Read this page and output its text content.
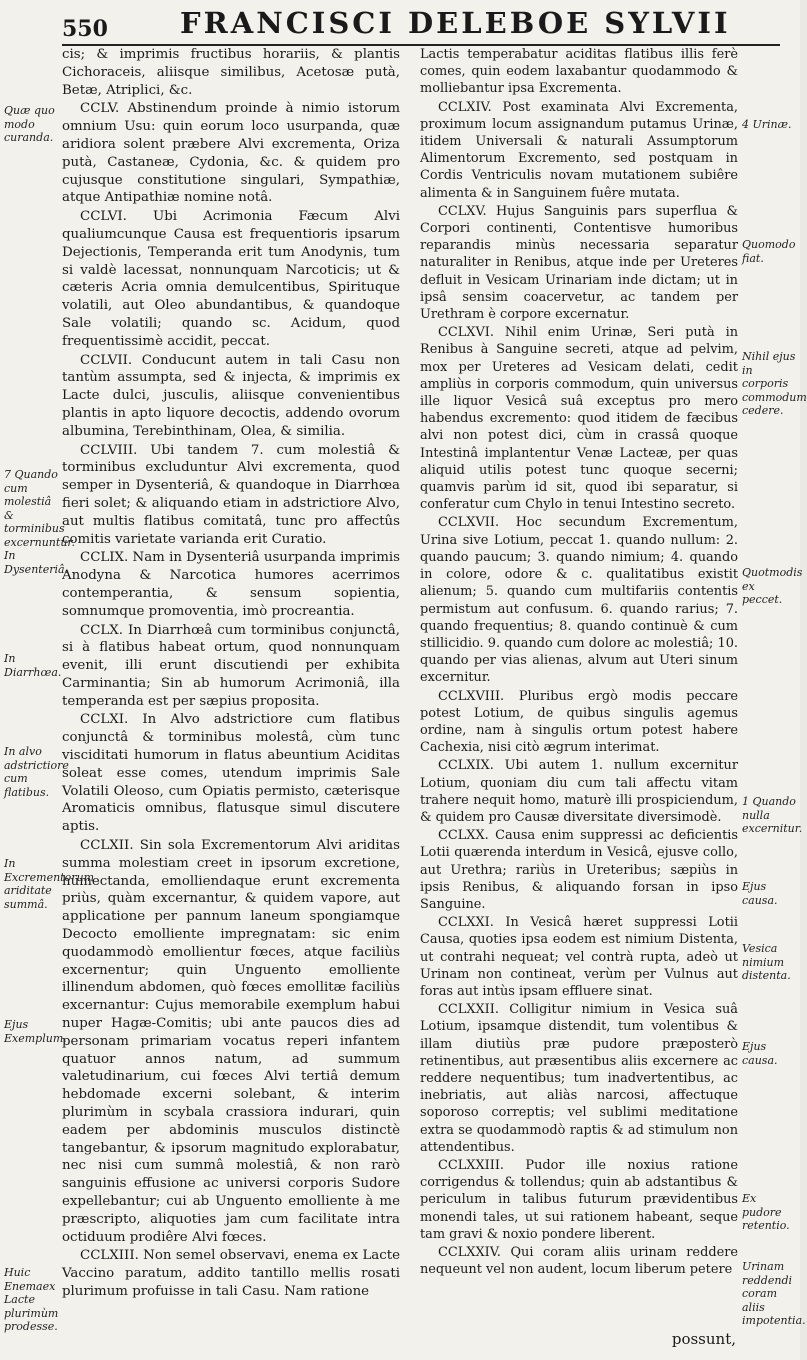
550 FRANCISCI DELEBOE SYLVII

cis; & imprimis fructibus horariis, & plantis Cichoraceis, aliisque similibus, Acetosæ putà, Betæ, Atriplici, &c.

CCLV. Abstinendum proinde à nimio istorum omnium Usu: quin eorum loco usurpanda, quæ aridiora solent præbere Alvi excrementa, Oriza putà, Castaneæ, Cydonia, &c. & quidem pro cujusque constitutione singulari, Sympathiæ, atque Antipathiæ nomine notâ.

CCLVI. Ubi Acrimonia Fæcum Alvi qualiumcunque Causa est frequentioris ipsarum Dejectionis, Temperanda erit tum Anodynis, tum si valdè lacessat, nonnunquam Narcoticis; ut & cæteris Acria omnia demulcentibus, Spirituque volatili, aut Oleo abundantibus, & quandoque Sale volatili; quando sc. Acidum, quod frequentissimè accidit, peccat.

CCLVII. Conducunt autem in tali Casu non tantùm assumpta, sed & injecta, & imprimis ex Lacte dulci, jusculis, aliisque convenientibus plantis in apto liquore decoctis, addendo ovorum albumina, Terebinthinam, Olea, & similia.

CCLVIII. Ubi tandem 7. cum molestiâ & torminibus excluduntur Alvi excrementa, quod semper in Dysenteriâ, & quandoque in Diarrhœa fieri solet; & aliquando etiam in adstrictiore Alvo, aut multis flatibus comitatâ, tunc pro affectûs comitis varietate varianda erit Curatio.

CCLIX. Nam in Dysenteriâ usurpanda imprimis Anodyna & Narcotica humores acerrimos contemperantia, & sensum sopientia, somnumque promoventia, imò procreantia.

CCLX. In Diarrhœâ cum torminibus conjunctâ, si à flatibus habeat ortum, quod nonnunquam evenit, illi erunt discutiendi per exhibita Carminantia; Sin ab humorum Acrimoniâ, illa temperanda est per sæpius proposita.

CCLXI. In Alvo adstrictiore cum flatibus conjunctâ & torminibus molestâ, cùm tunc visciditati humorum in flatus abeuntium Aciditas soleat esse comes, utendum imprimis Sale Volatili Oleoso, cum Opiatis permisto, cæterisque Aromaticis omnibus, flatusque simul discutere aptis.

CCLXII. Sin sola Excrementorum Alvi ariditas summa molestiam creet in ipsorum excretione, humectanda, emolliendaque erunt excrementa priùs, quàm excernantur, & quidem vapore, aut applicatione per pannum laneum spongiamque Decocto emolliente impregnatam: sic enim quodammodò emollientur fœces, atque faciliùs excernentur; quin Unguento emolliente illinendum abdomen, quò fœces emollitæ faciliùs excernantur: Cujus memorabile exemplum habui nuper Hagæ-Comitis; ubi ante paucos dies ad personam primariam vocatus reperi infantem quatuor annos natum, ad summum valetudinarium, cui fœces Alvi tertiâ demum hebdomade excerni solebant, & interim plurimùm in scybala crassiora indurari, quin eadem per abdominis musculos distinctè tangebantur, & ipsorum magnitudo explorabatur, nec nisi cum summâ molestiâ, & non rarò sanguinis effusione ac universi corporis Sudore expellebantur; cui ab Unguento emolliente à me præscripto, aliquoties jam cum facilitate intra octiduum prodiêre Alvi fœces.

CCLXIII. Non semel observavi, enema ex Lacte Vaccino paratum, addito tantillo mellis rosati plurimum profuisse in tali Casu. Nam ratione

Lactis temperabatur aciditas flatibus illis ferè comes, quin eodem laxabantur quodammodo & molliebantur ipsa Excrementa.

CCLXIV. Post examinata Alvi Excrementa, proximum locum assignandum putamus Urinæ, itidem Universali & naturali Assumptorum Alimentorum Excremento, sed postquam in Cordis Ventriculis novam mutationem subiêre alimenta & in Sanguinem fuêre mutata.

CCLXV. Hujus Sanguinis pars superflua & Corpori continenti, Contentisve humoribus reparandis minùs necessaria separatur naturaliter in Renibus, atque inde per Ureteres defluit in Vesicam Urinariam inde dictam; ut in ipsâ sensim coacervetur, ac tandem per Urethram è corpore excernatur.

CCLXVI. Nihil enim Urinæ, Seri putà in Renibus à Sanguine secreti, atque ad pelvim, mox per Ureteres ad Vesicam delati, cedit ampliùs in corporis commodum, quin universus ille liquor Vesicâ suâ exceptus pro mero habendus excremento: quod itidem de fæcibus alvi non potest dici, cùm in crassâ quoque Intestinâ implantentur Venæ Lacteæ, per quas aliquid utilis potest tunc quoque secerni; quamvis parùm id sit, quod ibi separatur, si conferatur cum Chylo in tenui Intestino secreto.

CCLXVII. Hoc secundum Excrementum, Urina sive Lotium, peccat 1. quando nullum: 2. quando paucum; 3. quando nimium; 4. quando in colore, odore & c. qualitatibus existit alienum; 5. quando cum multifariis contentis permistum aut confusum. 6. quando rarius; 7. quando frequentius; 8. quando continuè & cum stillicidio. 9. quando cum dolore ac molestiâ; 10. quando per vias alienas, alvum aut Uteri sinum excernitur.

CCLXVIII. Pluribus ergò modis peccare potest Lotium, de quibus singulis agemus ordine, nam à singulis ortum potest habere Cachexia, nisi citò ægrum interimat.

CCLXIX. Ubi autem 1. nullum excernitur Lotium, quoniam diu cum tali affectu vitam trahere nequit homo, maturè illi prospiciendum, & quidem pro Causæ diversitate diversimodè.

CCLXX. Causa enim suppressi ac deficientis Lotii quærenda interdum in Vesicâ, ejusve collo, aut Urethra; rariùs in Ureteribus; sæpiùs in ipsis Renibus, & aliquando forsan in ipso Sanguine.

CCLXXI. In Vesicâ hæret suppressi Lotii Causa, quoties ipsa eodem est nimium Distenta, ut contrahi nequeat; vel contrà rupta, adeò ut Urinam non contineat, verùm per Vulnus aut foras aut intùs ipsam effluere sinat.

CCLXXII. Colligitur nimium in Vesica suâ Lotium, ipsamque distendit, tum volentibus & illam diutiùs præ pudore præposterò retinentibus, aut præsentibus aliis excernere ac reddere nequentibus; tum inadvertentibus, ac inebriatis, aut aliàs narcosi, affectuque soporoso correptis; vel sublimi meditatione extra se quodammodò raptis & ad stimulum non attendentibus.

CCLXXIII. Pudor ille noxius ratione corrigendus & tollendus; quin ab adstantibus & periculum in talibus futurum prævidentibus monendi tales, ut sui rationem habeant, seque tam gravi & noxio pondere liberent.

CCLXXIV. Qui coram aliis urinam reddere nequeunt vel non audent, locum liberum petere

Quæ quo modo curanda.
7 Quando cum molestiâ & torminibus excernuntur. In Dysenteriâ.
In Diarrhœa.
In alvo adstrictiore cum flatibus.
In Excrementorum ariditate summâ.
Ejus Exemplum.
Huic Enemaex Lacte plurimùm prodesse.
4 Urinæ.
Quomodo fiat.
Nihil ejus in corporis commodum cedere.
Quotmodis ex peccet.
1 Quando nulla excernitur.
Ejus causa.
Vesica nimium distenta.
Ejus causa.
Ex pudore retentio.
Urinam reddendi coram aliis impotentia.
possunt,
